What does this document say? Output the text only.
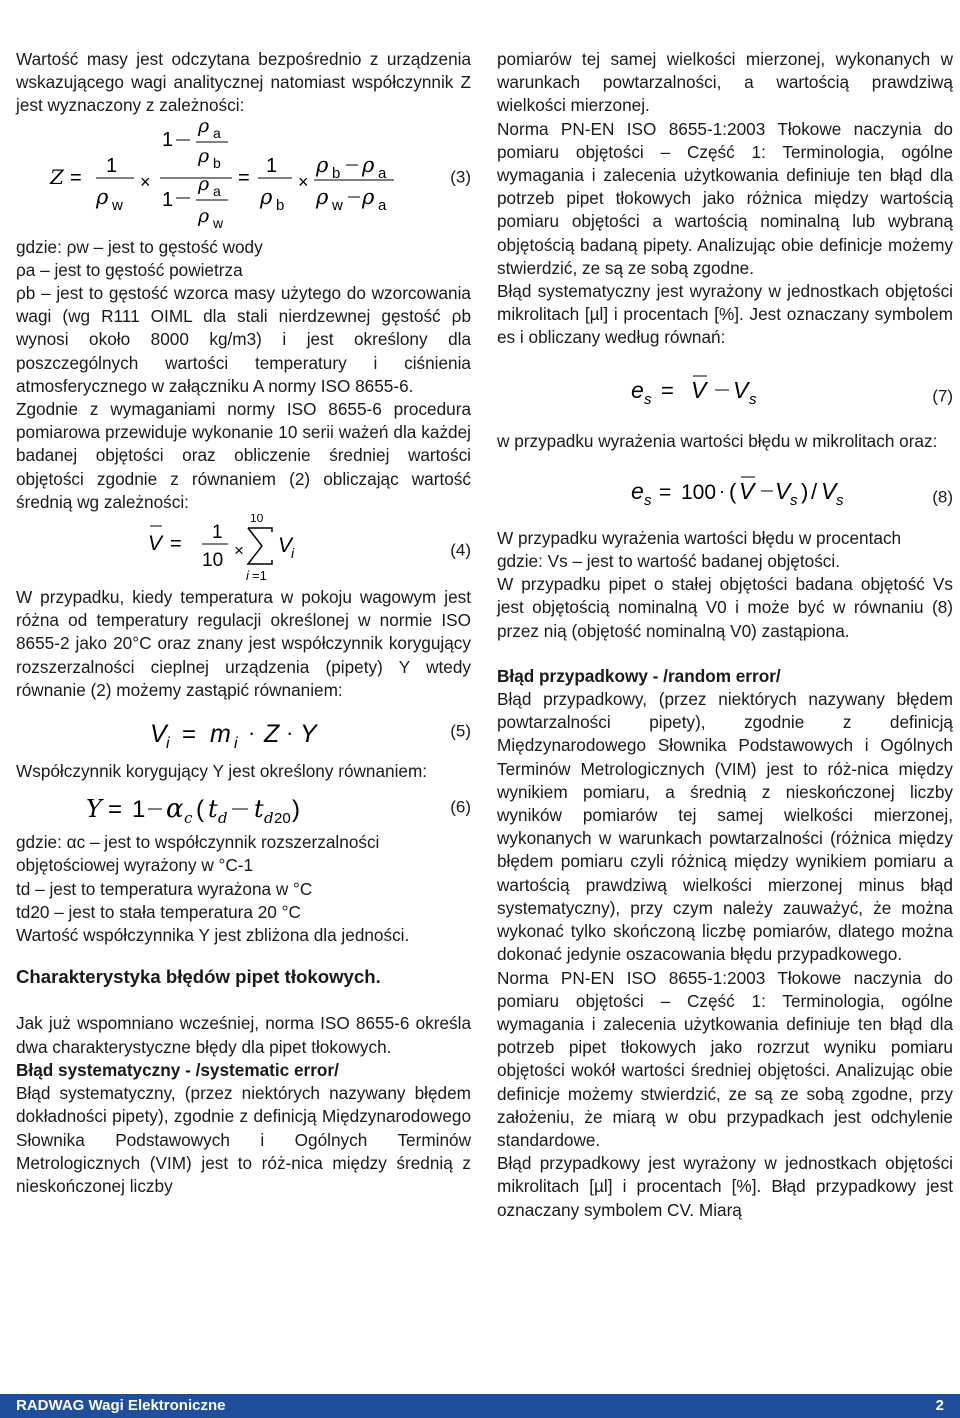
Wartość masy jest odczytana bezpośrednio z urządzenia wskazującego wagi analitycznej natomiast współczynnik Z jest wyznaczony z zależności:

Z =
1
ρ w
×
1
ρ a
ρ b
1
ρ a
ρ w
=
1
ρ b
×
ρ b ρ a
ρ w ρ a
(3)

gdzie: ρw – jest to gęstość wody

ρa – jest to gęstość powietrza

ρb – jest to gęstość wzorca masy użytego do wzorcowania wagi (wg R111 OIML dla stali nierdzewnej gęstość ρb wynosi około 8000 kg/m3) i jest określony dla poszczególnych wartości temperatury i ciśnienia atmosferycznego w załączniku A normy ISO 8655-6.

Zgodnie z wymaganiami normy ISO 8655-6 procedura pomiarowa przewiduje wykonanie 10 serii ważeń dla każdej badanej objętości oraz obliczenie średniej wartości objętości zgodnie z równaniem (2) obliczając wartość średnią wg zależności:

V =
1
10 ×
10
i =1
V
i	(4)

W przypadku, kiedy temperatura w pokoju wagowym jest różna od temperatury regulacji określonej w normie ISO 8655-2 jako 20°C oraz znany jest współczynnik korygujący rozszerzalności cieplnej urządzenia (pipety) Y wtedy równanie (2) możemy zastąpić równaniem:

V i = m i · Z · Y	(5)

Współczynnik korygujący Y jest określony równaniem:

Y = 1 α c ( t d t d 20 )	(6)

gdzie: αc – jest to współczynnik rozszerzalności objętościowej wyrażony w °C-1

td – jest to temperatura wyrażona w °C

td20 – jest to stała temperatura 20 °C

Wartość współczynnika Y jest zbliżona dla jedności.

Charakterystyka błędów pipet tłokowych.

Jak już wspomniano wcześniej, norma ISO 8655-6 określa dwa charakterystyczne błędy dla pipet tłokowych.

Błąd systematyczny - /systematic error/

Błąd systematyczny, (przez niektórych nazywany błędem dokładności pipety), zgodnie z definicją Międzynarodowego Słownika Podstawowych i Ogólnych Terminów Metrologicznych (VIM) jest to róż-nica między średnią z nieskończonej liczby

pomiarów tej samej wielkości mierzonej, wykonanych w warunkach powtarzalności, a wartością prawdziwą wielkości mierzonej.

Norma PN-EN ISO 8655-1:2003 Tłokowe naczynia do pomiaru objętości – Część 1: Terminologia, ogólne wymagania i zalecenia użytkowania definiuje ten błąd dla potrzeb pipet tłokowych jako różnica między wartością pomiaru objętości a wartością nominalną lub wybraną objętością badaną pipety. Analizując obie definicje możemy stwierdzić, ze są ze sobą zgodne.

Błąd systematyczny jest wyrażony w jednostkach objętości mikrolitach [µl] i procentach [%]. Jest oznaczany symbolem es i obliczany według równań:

e s = V V s	(7)

w przypadku wyrażenia wartości błędu w mikrolitach oraz:

e s = 100 · ( V V s ) / V s	(8)

W przypadku wyrażenia wartości błędu w procentach

gdzie: Vs – jest to wartość badanej objętości.

W przypadku pipet o stałej objętości badana objętość Vs jest objętością nominalną V0 i może być w równaniu (8) przez nią (objętość nominalną V0) zastąpiona.

Błąd przypadkowy - /random error/

Błąd przypadkowy, (przez niektórych nazywany błędem powtarzalności pipety), zgodnie z definicją Międzynarodowego Słownika Podstawowych i Ogólnych Terminów Metrologicznych (VIM) jest to róż-nica między wynikiem pomiaru, a średnią z nieskończonej liczby wyników pomiarów tej samej wielkości mierzonej, wykonanych w warunkach powtarzalności (różnica między błędem pomiaru czyli różnicą między wynikiem pomiaru a wartością prawdziwą wielkości mierzonej minus błąd systematyczny), przy czym należy zauważyć, że można wykonać tylko skończoną liczbę pomiarów, dlatego można dokonać jedynie oszacowania błędu przypadkowego.

Norma PN-EN ISO 8655-1:2003 Tłokowe naczynia do pomiaru objętości – Część 1: Terminologia, ogólne wymagania i zalecenia użytkowania definiuje ten błąd dla potrzeb pipet tłokowych jako rozrzut wyniku pomiaru objętości wokół wartości średniej objętości. Analizując obie definicje możemy stwierdzić, ze są ze sobą zgodne, przy założeniu, że miarą w obu przypadkach jest odchylenie standardowe.

Błąd przypadkowy jest wyrażony w jednostkach objętości mikrolitach [µl] i procentach [%]. Błąd przypadkowy jest oznaczany symbolem CV. Miarą

RADWAG Wagi Elektroniczne	2
